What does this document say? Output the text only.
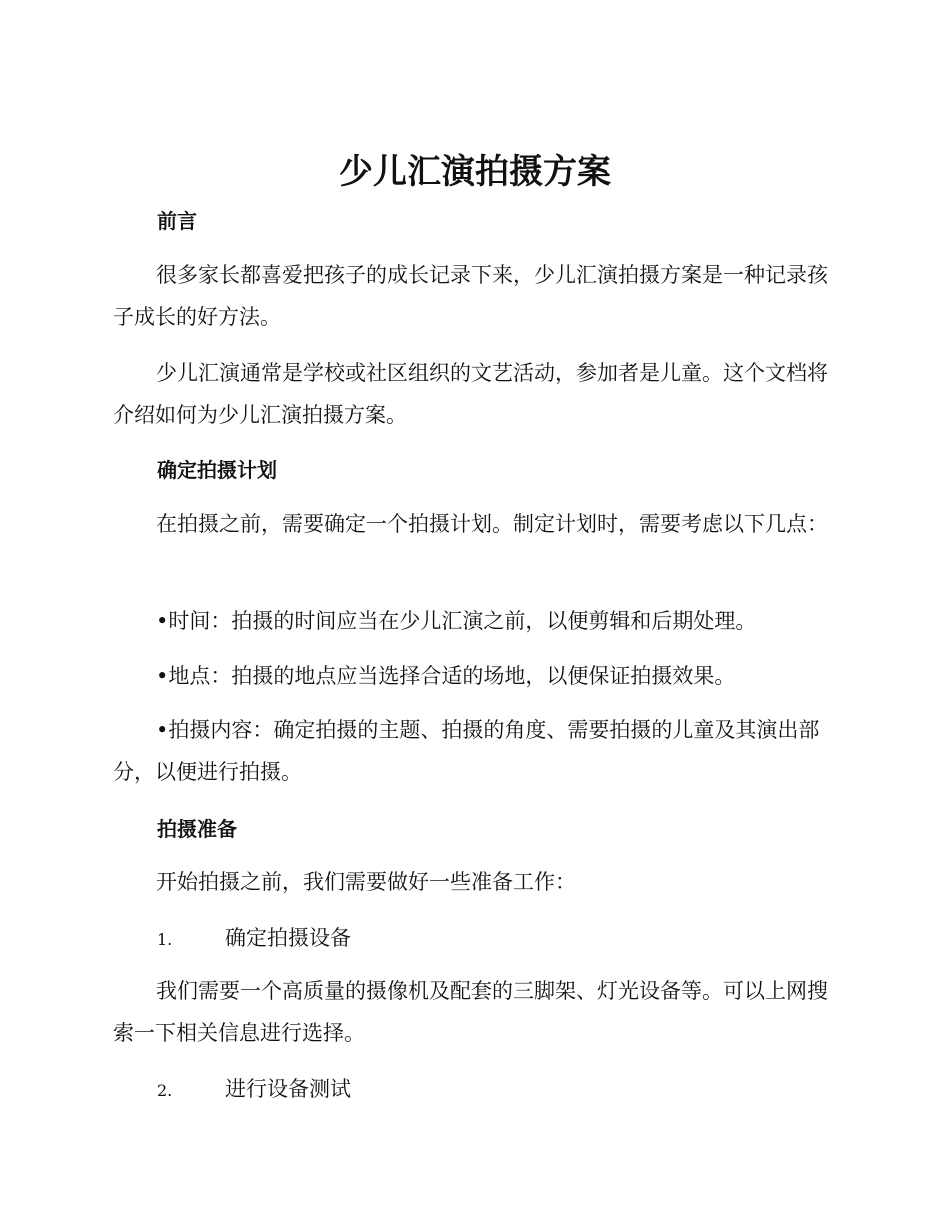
少儿汇演拍摄方案
前言
很多家长都喜爱把孩子的成长记录下来，少儿汇演拍摄方案是一种记录孩子成长的好方法。
少儿汇演通常是学校或社区组织的文艺活动，参加者是儿童。这个文档将介绍如何为少儿汇演拍摄方案。
确定拍摄计划
在拍摄之前，需要确定一个拍摄计划。制定计划时，需要考虑以下几点：
•时间：拍摄的时间应当在少儿汇演之前，以便剪辑和后期处理。
•地点：拍摄的地点应当选择合适的场地，以便保证拍摄效果。
•拍摄内容：确定拍摄的主题、拍摄的角度、需要拍摄的儿童及其演出部分，以便进行拍摄。
拍摄准备
开始拍摄之前，我们需要做好一些准备工作：
1.	确定拍摄设备
我们需要一个高质量的摄像机及配套的三脚架、灯光设备等。可以上网搜索一下相关信息进行选择。
2.	进行设备测试
